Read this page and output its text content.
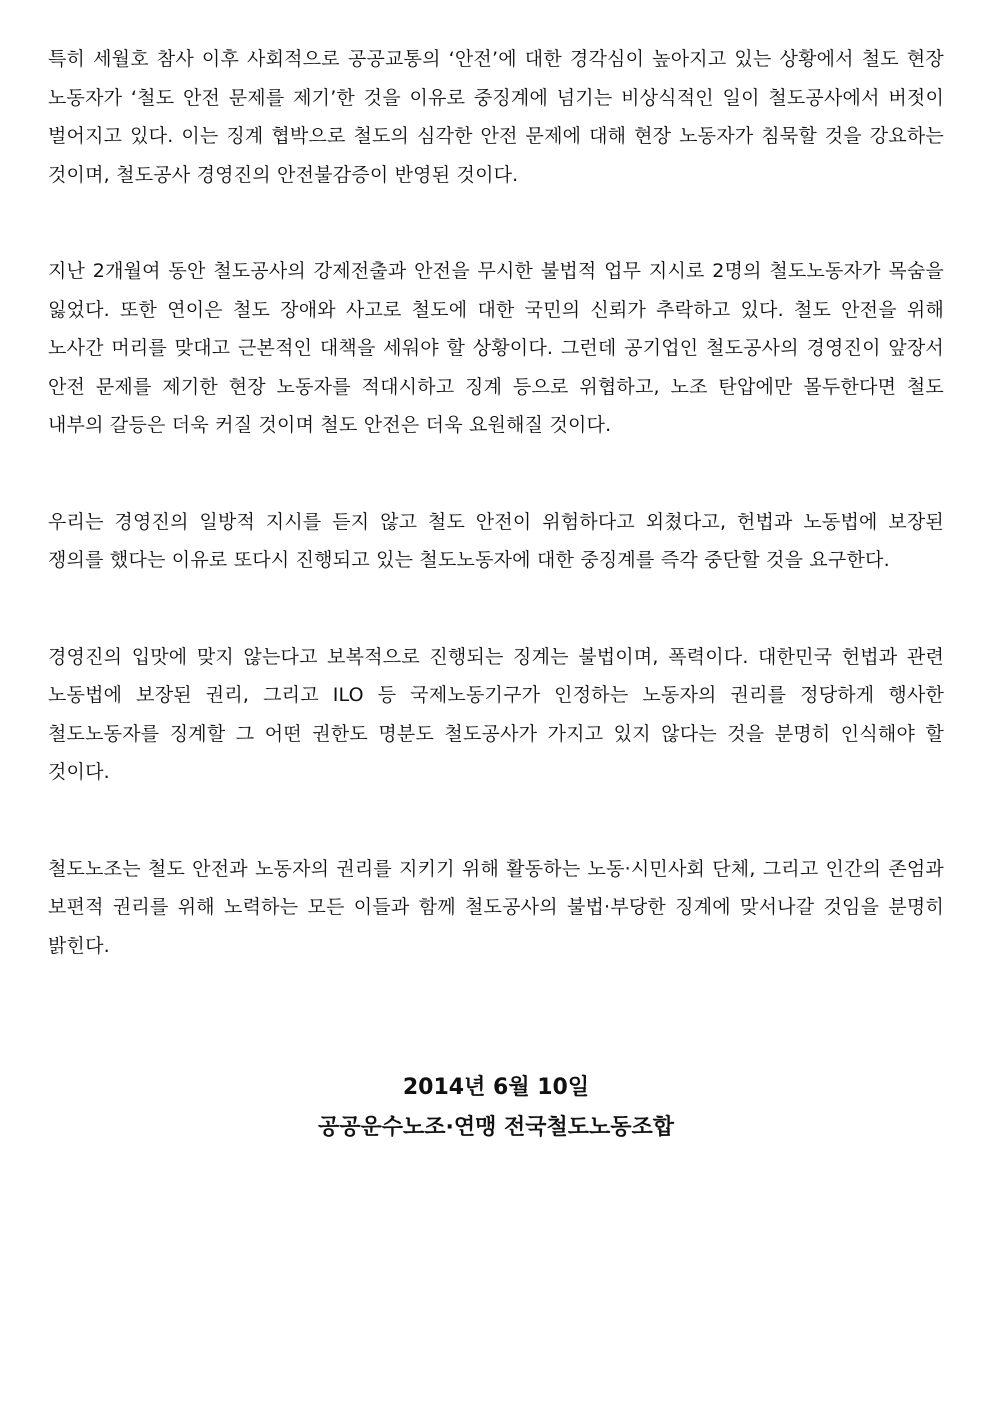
특히 세월호 참사 이후 사회적으로 공공교통의 ‘안전’에 대한 경각심이 높아지고 있는 상황에서 철도 현장 노동자가 ‘철도 안전 문제를 제기’한 것을 이유로 중징계에 넘기는 비상식적인 일이 철도공사에서 버젓이 벌어지고 있다. 이는 징계 협박으로 철도의 심각한 안전 문제에 대해 현장 노동자가 침묵할 것을 강요하는 것이며, 철도공사 경영진의 안전불감증이 반영된 것이다.

지난 2개월여 동안 철도공사의 강제전출과 안전을 무시한 불법적 업무 지시로 2명의 철도노동자가 목숨을 잃었다. 또한 연이은 철도 장애와 사고로 철도에 대한 국민의 신뢰가 추락하고 있다. 철도 안전을 위해 노사간 머리를 맞대고 근본적인 대책을 세워야 할 상황이다. 그런데 공기업인 철도공사의 경영진이 앞장서 안전 문제를 제기한 현장 노동자를 적대시하고 징계 등으로 위협하고, 노조 탄압에만 몰두한다면 철도 내부의 갈등은 더욱 커질 것이며 철도 안전은 더욱 요원해질 것이다.

우리는 경영진의 일방적 지시를 듣지 않고 철도 안전이 위험하다고 외쳤다고, 헌법과 노동법에 보장된 쟁의를 했다는 이유로 또다시 진행되고 있는 철도노동자에 대한 중징계를 즉각 중단할 것을 요구한다.

경영진의 입맛에 맞지 않는다고 보복적으로 진행되는 징계는 불법이며, 폭력이다. 대한민국 헌법과 관련 노동법에 보장된 권리, 그리고 ILO 등 국제노동기구가 인정하는 노동자의 권리를 정당하게 행사한 철도노동자를 징계할 그 어떤 권한도 명분도 철도공사가 가지고 있지 않다는 것을 분명히 인식해야 할 것이다.

철도노조는 철도 안전과 노동자의 권리를 지키기 위해 활동하는 노동·시민사회 단체, 그리고 인간의 존엄과 보편적 권리를 위해 노력하는 모든 이들과 함께 철도공사의 불법·부당한 징계에 맞서나갈 것임을 분명히 밝힌다.

2014년 6월 10일
공공운수노조·연맹 전국철도노동조합
